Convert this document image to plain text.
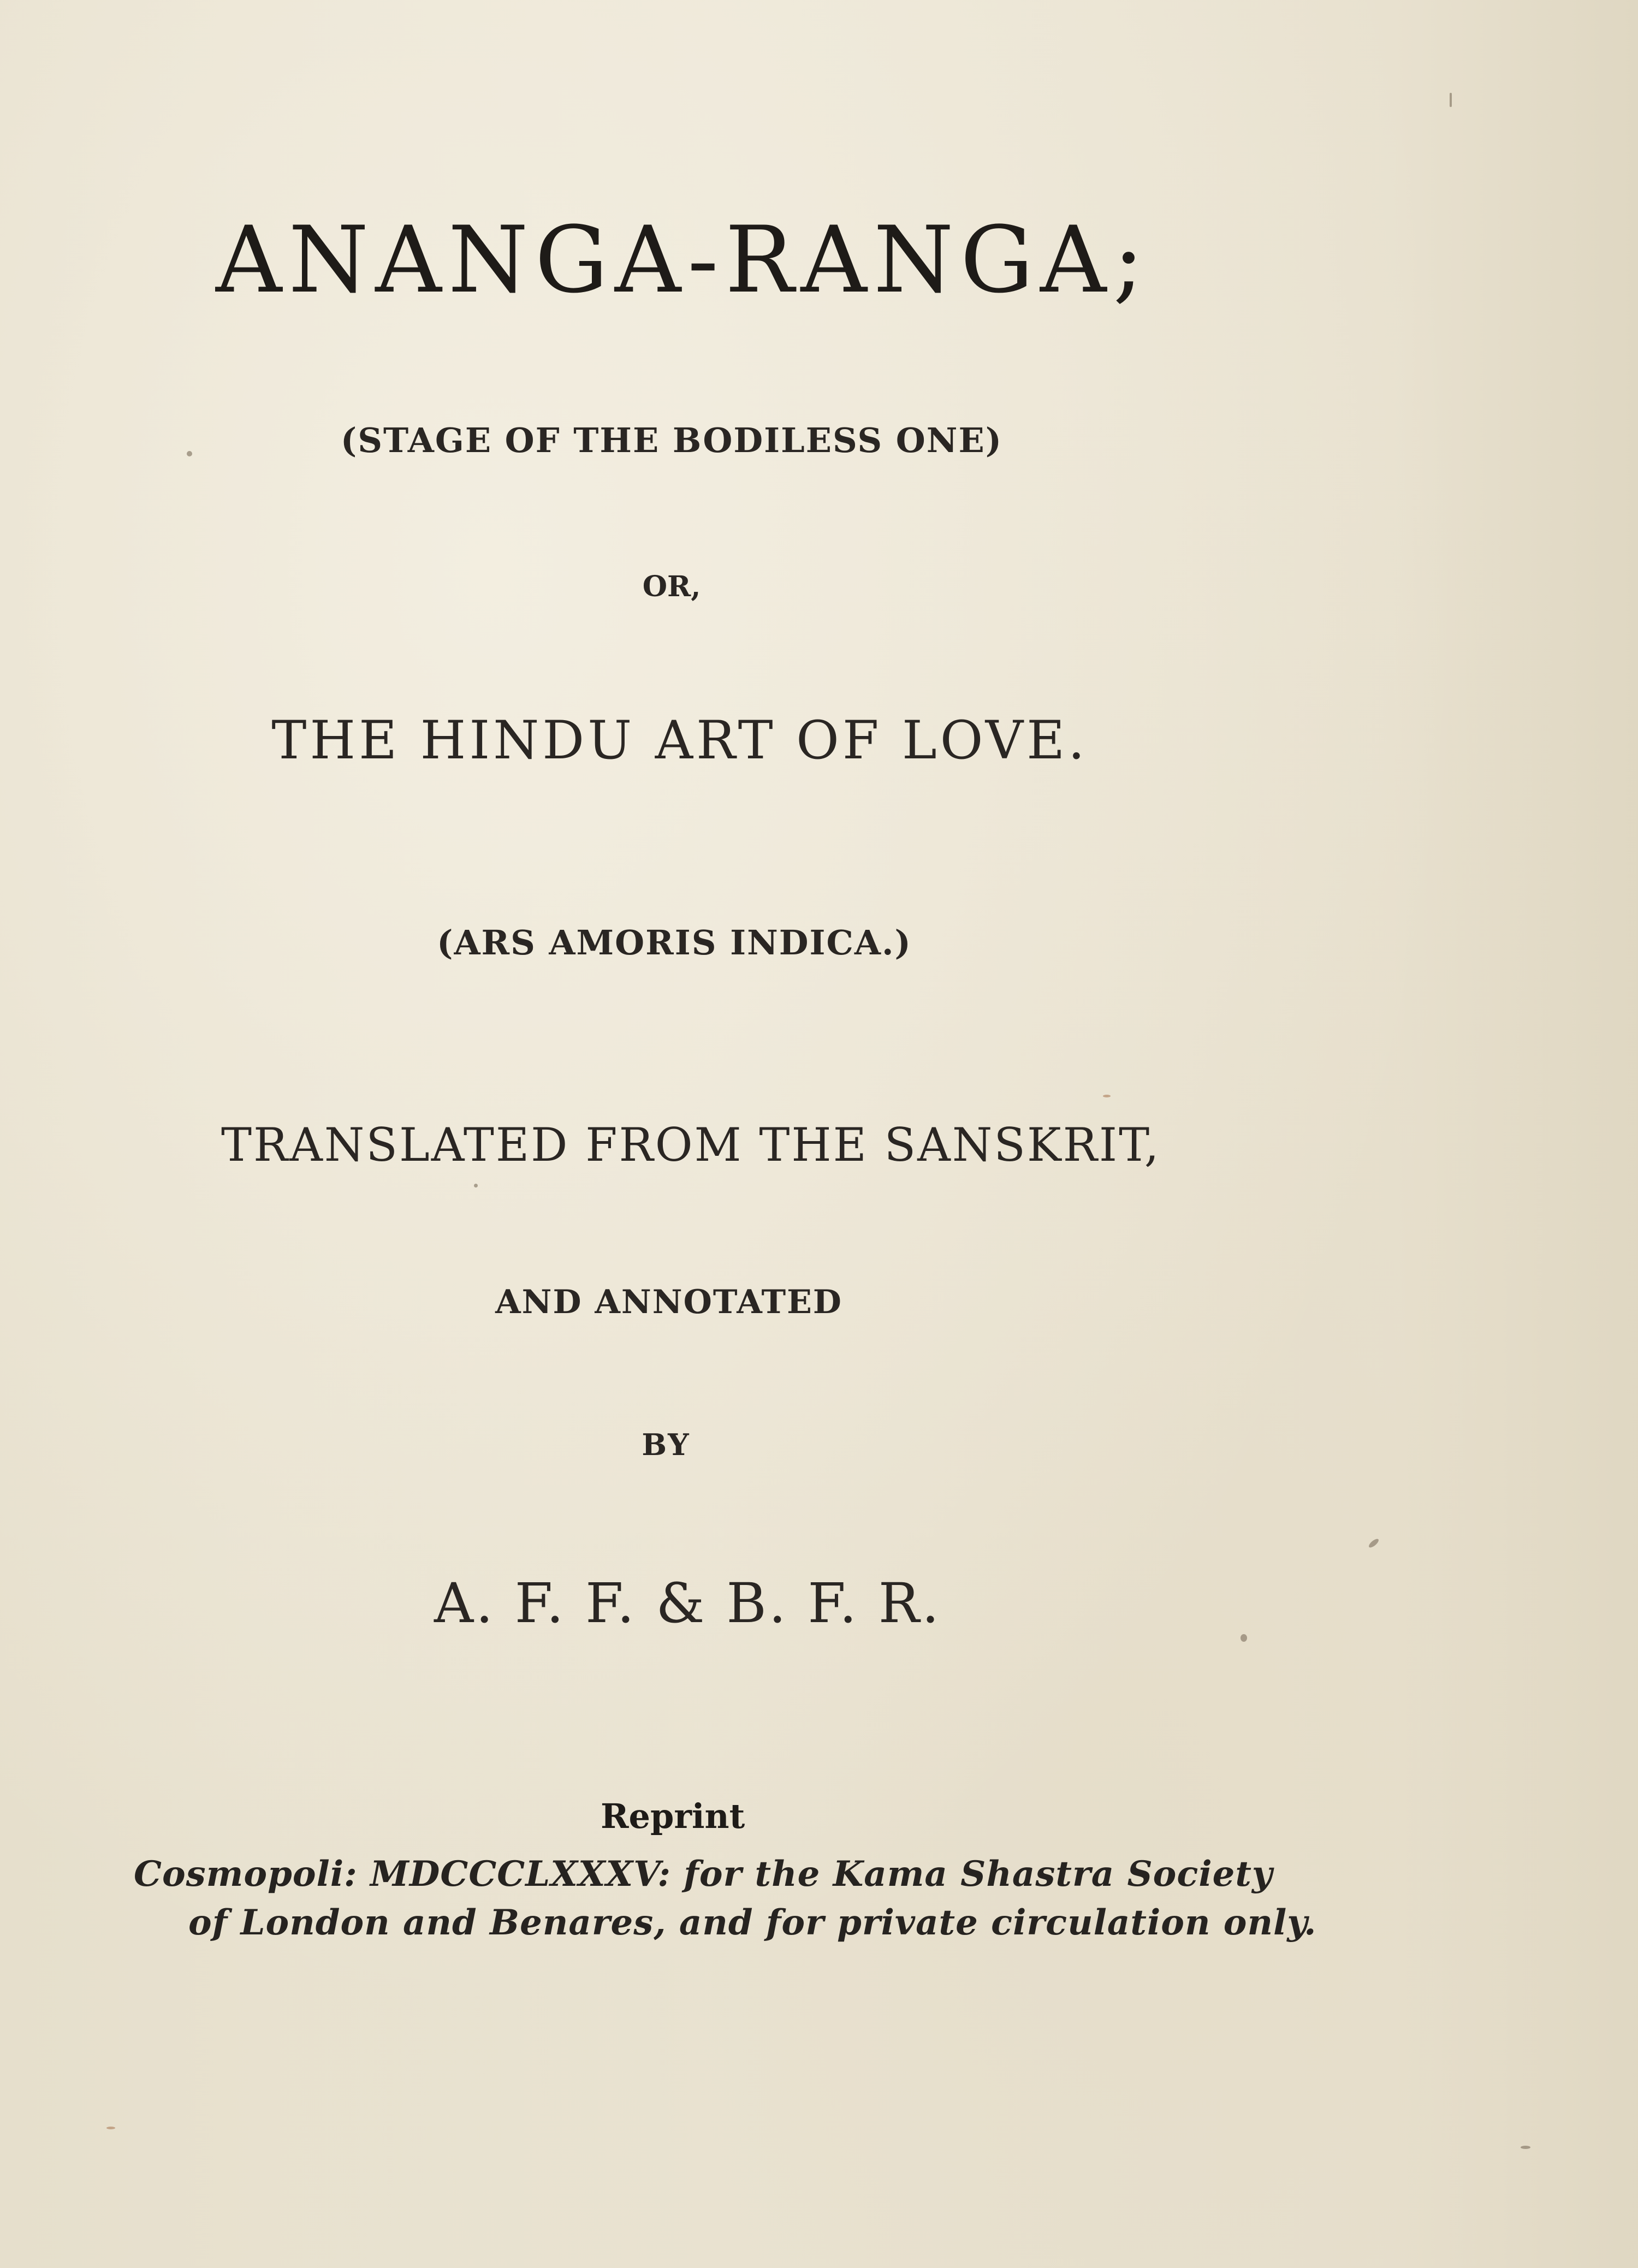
ANANGA-RANGA;
(STAGE OF THE BODILESS ONE)
OR,
THE HINDU ART OF LOVE.
(ARS AMORIS INDICA.)
TRANSLATED FROM THE SANSKRIT,
AND ANNOTATED
BY
A. F. F. & B. F. R.
Reprint
Cosmopoli: MDCCCLXXXV: for the Kama Shastra Society
of London and Benares, and for private circulation only.
